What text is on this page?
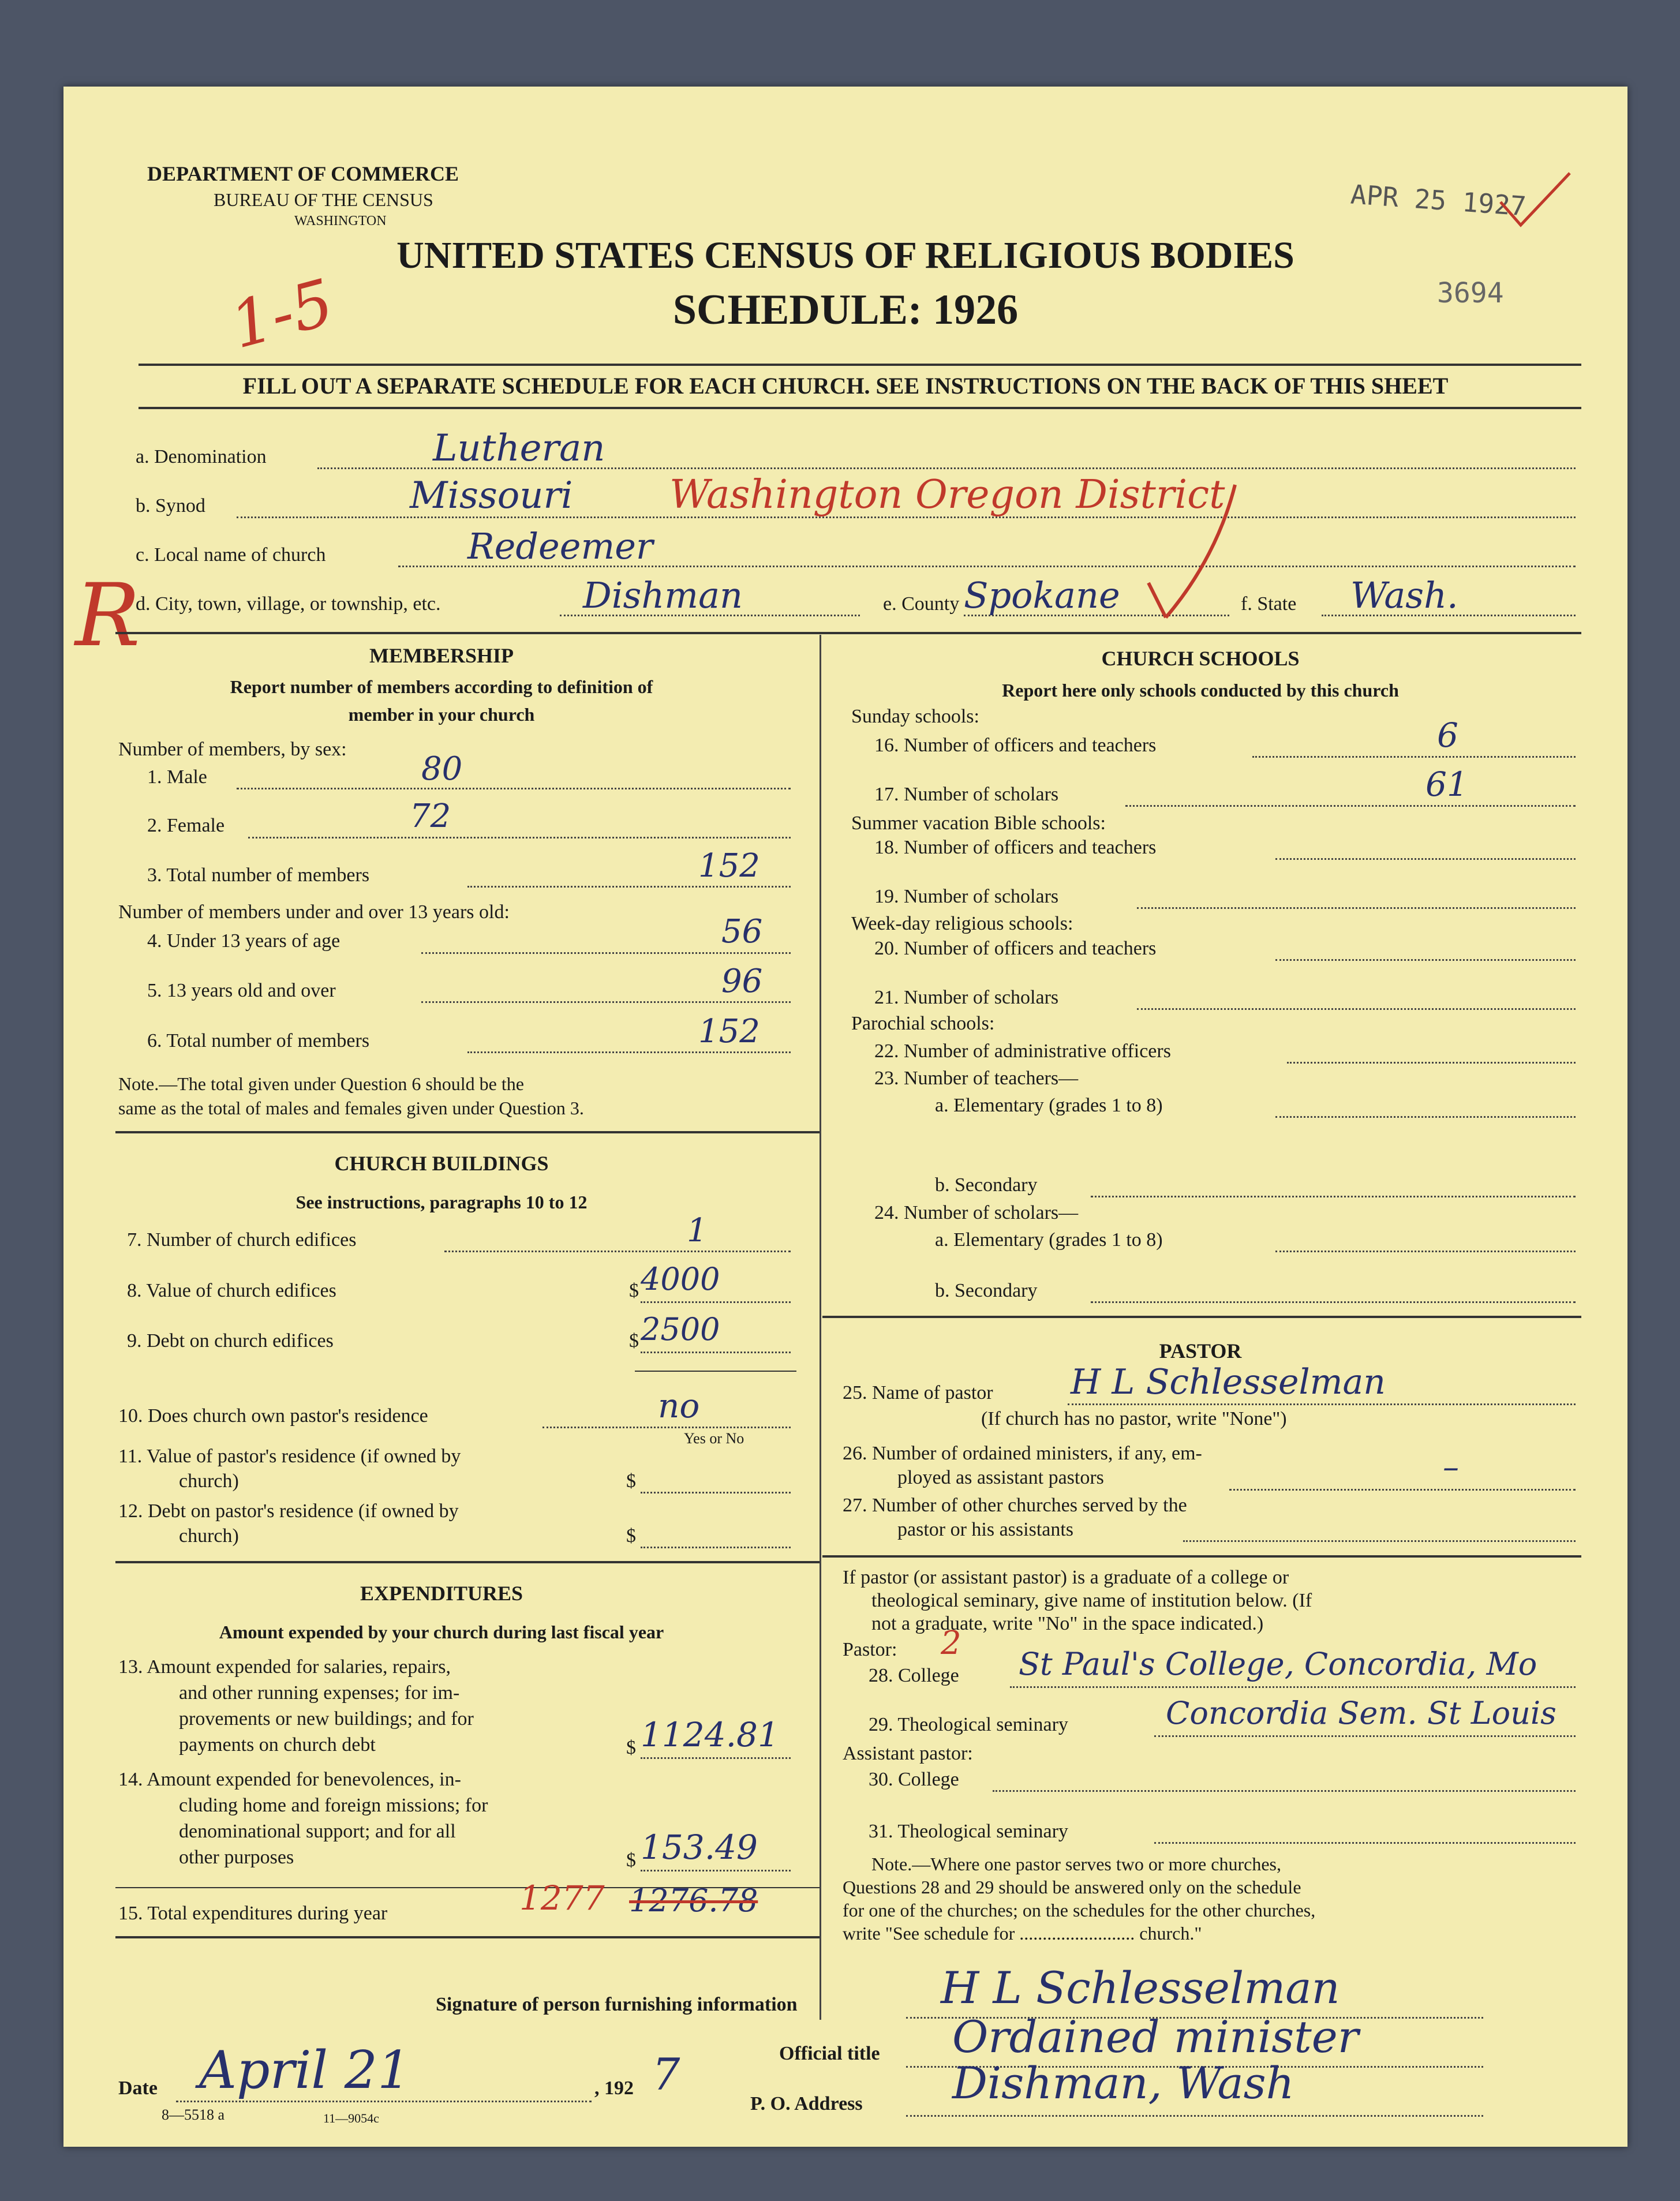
DEPARTMENT OF COMMERCE
BUREAU OF THE CENSUS
WASHINGTON
UNITED STATES CENSUS OF RELIGIOUS BODIES
SCHEDULE: 1926
APR 25 1927
3694
1-5
R
FILL OUT A SEPARATE SCHEDULE FOR EACH CHURCH. SEE INSTRUCTIONS ON THE BACK OF THIS SHEET
a. Denomination	Lutheran
b. Synod	Missouri Washington Oregon District
c. Local name of church	Redeemer
d. City, town, village, or township, etc.	Dishman	e. County Spokane	f. State Wash.
MEMBERSHIP
Report number of members according to definition of
member in your church
Number of members, by sex:
1. Male	80
2. Female	72
3. Total number of members	152
Number of members under and over 13 years old:
4. Under 13 years of age	56
5. 13 years old and over	96
6. Total number of members	152
Note.—The total given under Question 6 should be the
same as the total of males and females given under Question 3.
CHURCH BUILDINGS
See instructions, paragraphs 10 to 12
7. Number of church edifices	1
8. Value of church edifices	$ 4000
9. Debt on church edifices	$ 2500
10. Does church own pastor's residence	no
Yes or No
11. Value of pastor's residence (if owned by
church)	$
12. Debt on pastor's residence (if owned by
church)	$
EXPENDITURES
Amount expended by your church during last fiscal year
13. Amount expended for salaries, repairs,
and other running expenses; for im-
provements or new buildings; and for
payments on church debt	$ 1124.81
14. Amount expended for benevolences, in-
cluding home and foreign missions; for
denominational support; and for all
other purposes	$ 153.49
15. Total expenditures during year	1277 1276.78
CHURCH SCHOOLS
Report here only schools conducted by this church
Sunday schools:
16. Number of officers and teachers	6
17. Number of scholars	61
Summer vacation Bible schools:
18. Number of officers and teachers
19. Number of scholars
Week-day religious schools:
20. Number of officers and teachers
21. Number of scholars
Parochial schools:
22. Number of administrative officers
23. Number of teachers—
a. Elementary (grades 1 to 8)
b. Secondary
24. Number of scholars—
a. Elementary (grades 1 to 8)
b. Secondary
PASTOR
25. Name of pastor H L Schlesselman
(If church has no pastor, write "None")
26. Number of ordained ministers, if any, em-
ployed as assistant pastors	–
27. Number of other churches served by the
pastor or his assistants
If pastor (or assistant pastor) is a graduate of a college or
theological seminary, give name of institution below. (If
not a graduate, write "No" in the space indicated.)
Pastor: 2
28. College St Paul's College, Concordia, Mo
29. Theological seminary	Concordia Sem. St Louis
Assistant pastor:
30. College
31. Theological seminary
Note.—Where one pastor serves two or more churches,
Questions 28 and 29 should be answered only on the schedule
for one of the churches; on the schedules for the other churches,
write "See schedule for ......................... church."
Signature of person furnishing information	H L Schlesselman
Official title Ordained minister
Date April 21	, 192 7
P. O. Address Dishman, Wash
8—5518 a	11—9054c
